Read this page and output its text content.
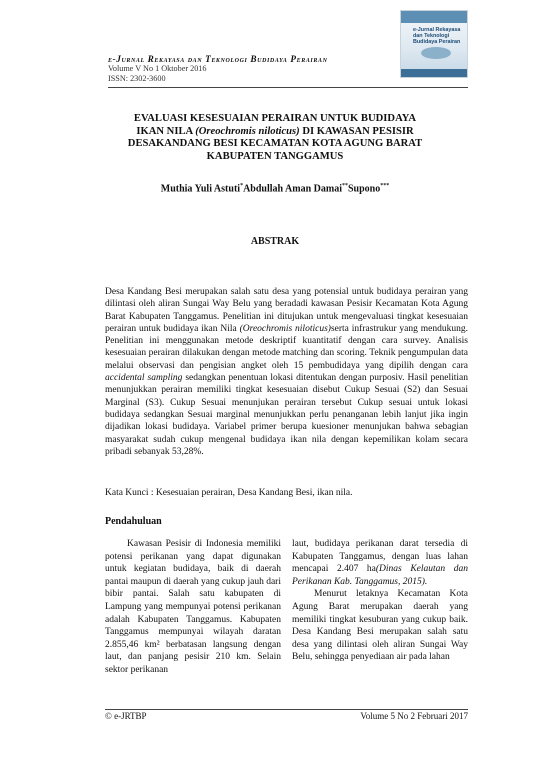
e-Jurnal Rekayasa dan Teknologi Budidaya Perairan
e-Jurnal Rekayasa dan Teknologi Budidaya Perairan
Volume V No 1 Oktober 2016
ISSN: 2302-3600
EVALUASI KESESUAIAN PERAIRAN UNTUK BUDIDAYA
IKAN NILA (Oreochromis niloticus) DI KAWASAN PESISIR
DESAKANDANG BESI KECAMATAN KOTA AGUNG BARAT
KABUPATEN TANGGAMUS
Muthia Yuli Astuti*Abdullah Aman Damai**Supono***
ABSTRAK
Desa Kandang Besi merupakan salah satu desa yang potensial untuk budidaya perairan yang dilintasi oleh aliran Sungai Way Belu yang beradadi kawasan Pesisir Kecamatan Kota Agung Barat Kabupaten Tanggamus. Penelitian ini ditujukan untuk mengevaluasi tingkat kesesuaian perairan untuk budidaya ikan Nila (Oreochromis niloticus)serta infrastrukur yang mendukung. Penelitian ini menggunakan metode deskriptif kuantitatif dengan cara survey. Analisis kesesuaian perairan dilakukan dengan metode matching dan scoring. Teknik pengumpulan data melalui observasi dan pengisian angket oleh 15 pembudidaya yang dipilih dengan cara accidental sampling sedangkan penentuan lokasi ditentukan dengan purposiv. Hasil penelitian menunjukkan perairan memiliki tingkat kesesuaian disebut Cukup Sesuai (S2) dan Sesuai Marginal (S3). Cukup Sesuai menunjukan perairan tersebut Cukup sesuai untuk lokasi budidaya sedangkan Sesuai marginal menunjukkan perlu penanganan lebih lanjut jika ingin dijadikan lokasi budidaya. Variabel primer berupa kuesioner menunjukan bahwa sebagian masyarakat sudah cukup mengenal budidaya ikan nila dengan kepemilikan kolam secara pribadi sebanyak 53,28%.
Kata Kunci : Kesesuaian perairan, Desa Kandang Besi, ikan nila.
Pendahuluan

Kawasan Pesisir di Indonesia memiliki potensi perikanan yang dapat digunakan untuk kegiatan budidaya, baik di daerah pantai maupun di daerah yang cukup jauh dari bibir pantai. Salah satu kabupaten di Lampung yang mempunyai potensi perikanan adalah Kabupaten Tanggamus. Kabupaten Tanggamus mempunyai wilayah daratan 2.855,46 km² berbatasan langsung dengan laut, dan panjang pesisir 210 km. Selain sektor perikanan

laut, budidaya perikanan darat tersedia di Kabupaten Tanggamus, dengan luas lahan mencapai 2.407 ha(Dinas Kelautan dan Perikanan Kab. Tanggamus, 2015).

Menurut letaknya Kecamatan Kota Agung Barat merupakan daerah yang memiliki tingkat kesuburan yang cukup baik. Desa Kandang Besi merupakan salah satu desa yang dilintasi oleh aliran Sungai Way Belu, sehingga penyediaan air pada lahan

© e-JRTBP	Volume 5 No 2 Februari 2017
